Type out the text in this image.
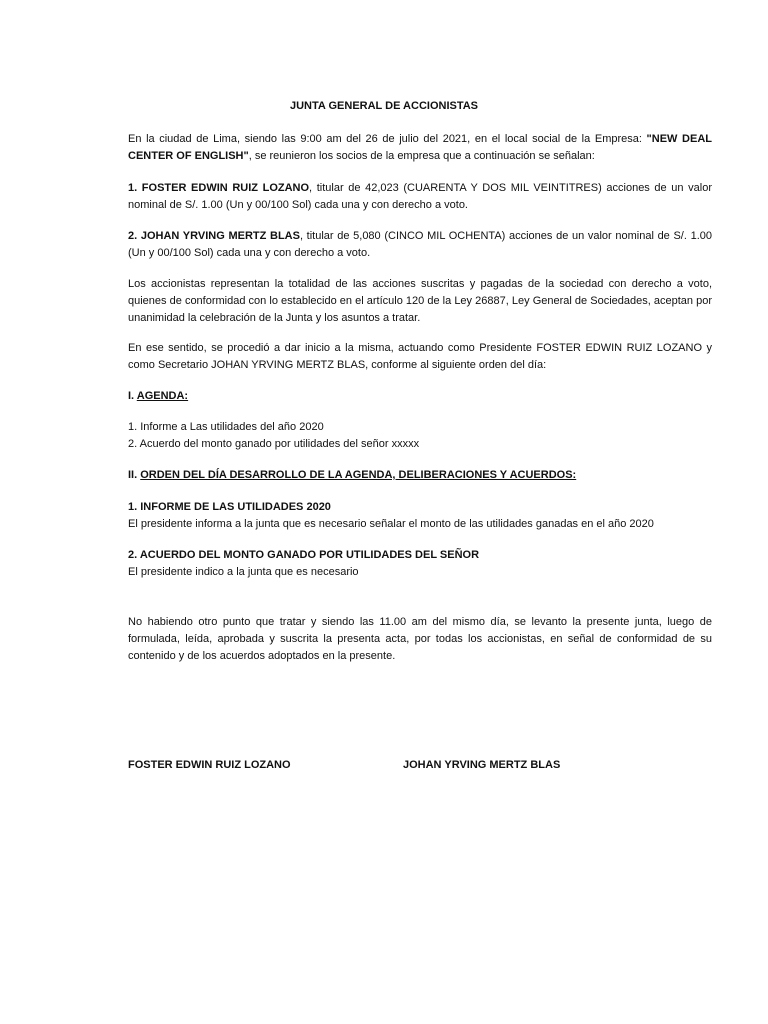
JUNTA GENERAL DE ACCIONISTAS

En la ciudad de Lima, siendo las 9:00 am del 26 de julio del 2021, en el local social de la Empresa: "NEW DEAL CENTER OF ENGLISH", se reunieron los socios de la empresa que a continuación se señalan:

1. FOSTER EDWIN RUIZ LOZANO, titular de 42,023 (CUARENTA Y DOS MIL VEINTITRES) acciones de un valor nominal de S/. 1.00 (Un y 00/100 Sol) cada una y con derecho a voto.

2. JOHAN YRVING MERTZ BLAS, titular de 5,080 (CINCO MIL OCHENTA) acciones de un valor nominal de S/. 1.00 (Un y 00/100 Sol) cada una y con derecho a voto.

Los accionistas representan la totalidad de las acciones suscritas y pagadas de la sociedad con derecho a voto, quienes de conformidad con lo establecido en el artículo 120 de la Ley 26887, Ley General de Sociedades, aceptan por unanimidad la celebración de la Junta y los asuntos a tratar.

En ese sentido, se procedió a dar inicio a la misma, actuando como Presidente FOSTER EDWIN RUIZ LOZANO y como Secretario JOHAN YRVING MERTZ BLAS, conforme al siguiente orden del día:

I. AGENDA:
1. Informe a Las utilidades del año 2020
2. Acuerdo del monto ganado por utilidades del señor xxxxx
II. ORDEN DEL DÍA DESARROLLO DE LA AGENDA, DELIBERACIONES Y ACUERDOS:
1. INFORME DE LAS UTILIDADES 2020
El presidente informa a la junta que es necesario señalar el monto de las utilidades ganadas en el año 2020
2. ACUERDO DEL MONTO GANADO POR UTILIDADES DEL SEÑOR
El presidente indico a la junta que es necesario

No habiendo otro punto que tratar y siendo las 11.00 am del mismo día, se levanto la presente junta, luego de formulada, leída, aprobada y suscrita la presenta acta, por todas los accionistas, en señal de conformidad de su contenido y de los acuerdos adoptados en la presente.

FOSTER EDWIN RUIZ LOZANO	JOHAN YRVING MERTZ BLAS
